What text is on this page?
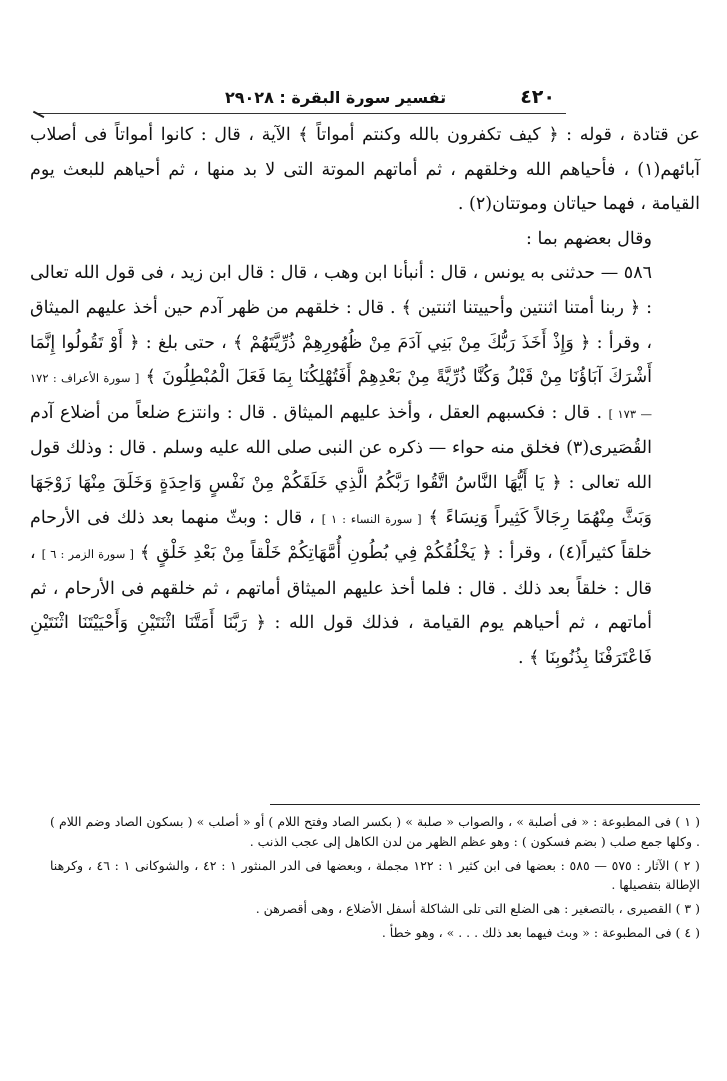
٤٢٠
تفسير سورة البقرة : ٢٩٠٢٨

عن قتادة ، قوله : ﴿ كيف تكفرون بالله وكنتم أمواتاً ﴾ الآية ، قال : كانوا أمواتاً فى أصلاب آبائهم(١) ، فأحياهم الله وخلقهم ، ثم أماتهم الموتة التى لا بد منها ، ثم أحياهم للبعث يوم القيامة ، فهما حياتان وموتتان(٢) .

وقال بعضهم بما :

٥٨٦ — حدثنى به يونس ، قال : أنبأنا ابن وهب ، قال : قال ابن زيد ، فى قول الله تعالى : ﴿ ربنا أمتنا اثنتين وأحييتنا اثنتين ﴾ . قال : خلقهم من ظهر آدم حين أخذ عليهم الميثاق ، وقرأ : ﴿ وَإِذْ أَخَذَ رَبُّكَ مِنْ بَنِي آدَمَ مِنْ ظُهُورِهِمْ ذُرِّيَّتَهُمْ ﴾ ، حتى بلغ : ﴿ أَوْ تَقُولُوا إِنَّمَا أَشْرَكَ آبَاؤُنَا مِنْ قَبْلُ وَكُنَّا ذُرِّيَّةً مِنْ بَعْدِهِمْ أَفَتُهْلِكُنَا بِمَا فَعَلَ الْمُبْطِلُونَ ﴾ [ سورة الأعراف : ١٧٢ — ١٧٣ ] . قال : فكسبهم العقل ، وأخذ عليهم الميثاق . قال : وانتزع ضلعاً من أضلاع آدم القُصَيرى(٣) فخلق منه حواء — ذكره عن النبى صلى الله عليه وسلم . قال : وذلك قول الله تعالى : ﴿ يَا أَيُّهَا النَّاسُ اتَّقُوا رَبَّكُمُ الَّذِي خَلَقَكُمْ مِنْ نَفْسٍ وَاحِدَةٍ وَخَلَقَ مِنْهَا زَوْجَهَا وَبَثَّ مِنْهُمَا رِجَالاً كَثِيراً وَنِسَاءً ﴾ [ سورة النساء : ١ ] ، قال : وبثّ منهما بعد ذلك فى الأرحام خلقاً كثيراً(٤) ، وقرأ : ﴿ يَخْلُقُكُمْ فِي بُطُونِ أُمَّهَاتِكُمْ خَلْقاً مِنْ بَعْدِ خَلْقٍ ﴾ [ سورة الزمر : ٦ ] ، قال : خلقاً بعد ذلك . قال : فلما أخذ عليهم الميثاق أماتهم ، ثم خلقهم فى الأرحام ، ثم أماتهم ، ثم أحياهم يوم القيامة ، فذلك قول الله : ﴿ رَبَّنَا أَمَتَّنَا اثْنَتَيْنِ وَأَحْيَيْتَنَا اثْنَتَيْنِ فَاعْتَرَفْنَا بِذُنُوبِنَا ﴾ .

( ١ ) فى المطبوعة : « فى أصلبة » ، والصواب « صلبة » ( بكسر الصاد وفتح اللام ) أو « أصلب » ( بسكون الصاد وضم اللام ) . وكلها جمع صلب ( بضم فسكون ) : وهو عظم الظهر من لدن الكاهل إلى عجب الذنب .

( ٢ ) الآثار : ٥٧٥ — ٥٨٥ : بعضها فى ابن كثير ١ : ١٢٢ مجملة ، وبعضها فى الدر المنثور ١ : ٤٢ ، والشوكانى ١ : ٤٦ ، وكرهنا الإطالة بتفصيلها .

( ٣ ) القصيرى ، بالتصغير : هى الضلع التى تلى الشاكلة أسفل الأضلاع ، وهى أقصرهن .

( ٤ ) فى المطبوعة : « وبث فيهما بعد ذلك . . . » ، وهو خطأ .
